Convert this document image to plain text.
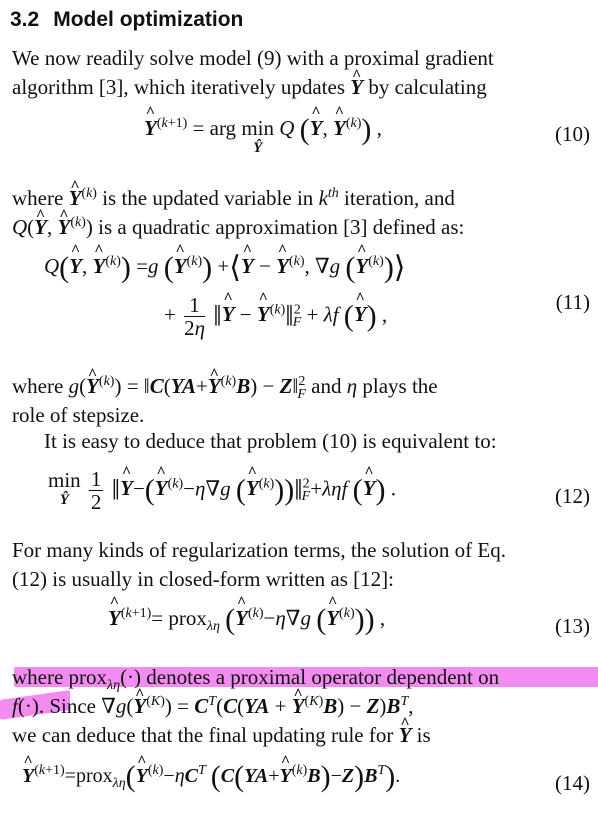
3.2 Model optimization
We now readily solve model (9) with a proximal gradient
algorithm [3], which iteratively updates ^ Y by calculating
^ $Y^{(k+1)}$ = arg min
Ŷ
Q (^ Y, ^ $Y^{(k)}$) ,	(10)
where ^ $Y^{(k)}$ is the updated variable in $k^{th}$ iteration, and
Q(^ Y, ^ $Y^{(k)}$) is a quadratic approximation [3] defined as:
Q(^ Y, ^ $Y^{(k)}) =g$ (^ $Y^{(k)}$) +⟨^ Y − ^ $Y^{(k)}$, ∇g (^ $Y^{(k)})⟩$
+ $\frac{1}{2\eta}$ ‖^ Y − ^ $Y^{(k)}‖^2_F + \lambda f$ (^ Y) ,
(11)
where g(^ $Y^{(k)}$) = ‖C(YA+^ $Y^{(k)}B$) − Z‖$^2_F$ and η plays the
role of stepsize.
It is easy to deduce that problem (10) is equivalent to:
min
Ŷ
$\frac{1}{2}$ ‖^ Y−(^ $Y^{(k)}-\eta\nabla g$ (^ $Y^{(k)}))‖^2_F+\lambda\eta f$ (^ Y) .	(12)
For many kinds of regularization terms, the solution of Eq.
(12) is usually in closed-form written as [12]:
^ $Y^{(k+1)}=$ prox$_{\lambda\eta}$ (^ $Y^{(k)}-\eta\nabla g$ (^ $Y^{(k)}$)) ,	(13)
where prox$_{\lambda\eta}$(·) denotes a proximal operator dependent on
f(·). Since ∇g(^ $Y^{(K)}) = C^T(C(YA$ + ^ $Y^{(K)}B) - Z)B^T$,
we can deduce that the final updating rule for ^ Y is
^ $Y^{(k+1)}=prox_{\lambda\eta}(\^{}$ $Y^{(k)}-\eta C^T$ (C(YA+^ $Y^{(k)}B)-Z)B^T$).	(14)
